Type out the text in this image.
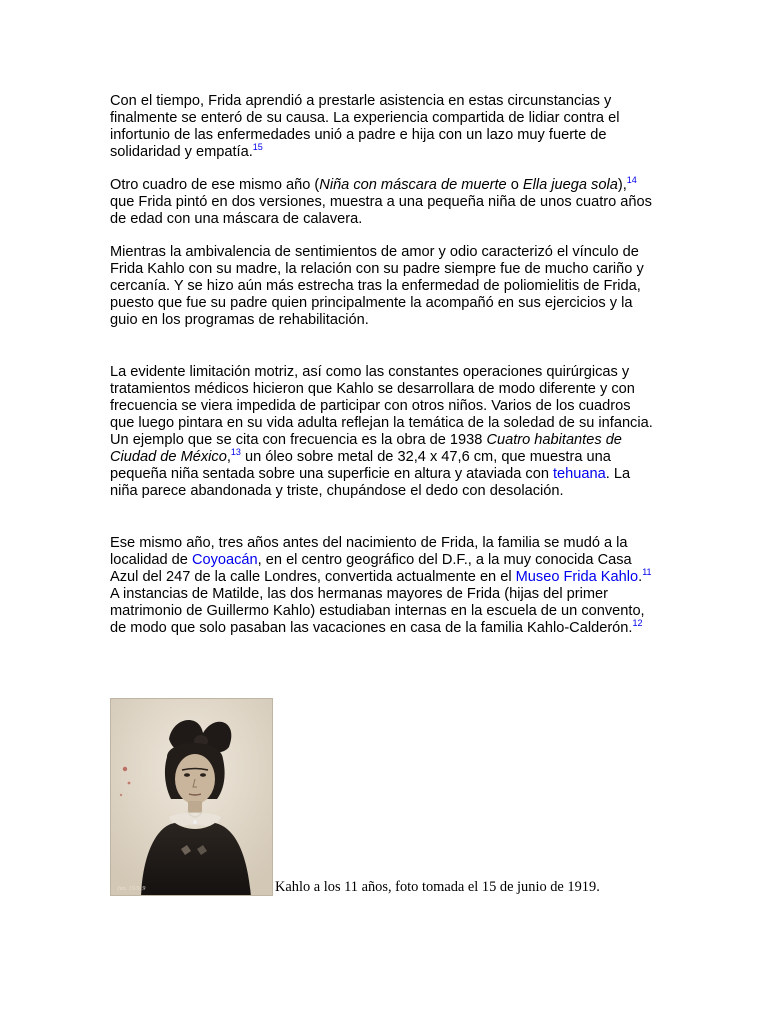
Con el tiempo, Frida aprendió a prestarle asistencia en estas circunstancias y finalmente se enteró de su causa. La experiencia compartida de lidiar contra el infortunio de las enfermedades unió a padre e hija con un lazo muy fuerte de solidaridad y empatía.$^{15}$

Otro cuadro de ese mismo año (Niña con máscara de muerte o Ella juega sola),$^{14}$ que Frida pintó en dos versiones, muestra a una pequeña niña de unos cuatro años de edad con una máscara de calavera.

Mientras la ambivalencia de sentimientos de amor y odio caracterizó el vínculo de Frida Kahlo con su madre, la relación con su padre siempre fue de mucho cariño y cercanía. Y se hizo aún más estrecha tras la enfermedad de poliomielitis de Frida, puesto que fue su padre quien principalmente la acompañó en sus ejercicios y la guio en los programas de rehabilitación.

La evidente limitación motriz, así como las constantes operaciones quirúrgicas y tratamientos médicos hicieron que Kahlo se desarrollara de modo diferente y con frecuencia se viera impedida de participar con otros niños. Varios de los cuadros que luego pintara en su vida adulta reflejan la temática de la soledad de su infancia. Un ejemplo que se cita con frecuencia es la obra de 1938 Cuatro habitantes de Ciudad de México,$^{13}$ un óleo sobre metal de 32,4 x 47,6 cm, que muestra una pequeña niña sentada sobre una superficie en altura y ataviada con tehuana. La niña parece abandonada y triste, chupándose el dedo con desolación.

Ese mismo año, tres años antes del nacimiento de Frida, la familia se mudó a la localidad de Coyoacán, en el centro geográfico del D.F., a la muy conocida Casa Azul del 247 de la calle Londres, convertida actualmente en el Museo Frida Kahlo.$^{11}$ A instancias de Matilde, las dos hermanas mayores de Frida (hijas del primer matrimonio de Guillermo Kahlo) estudiaban internas en la escuela de un convento, de modo que solo pasaban las vacaciones en casa de la familia Kahlo-Calderón.$^{12}$

Jun. 15/919	Kahlo a los 11 años, foto tomada el 15 de junio de 1919.
